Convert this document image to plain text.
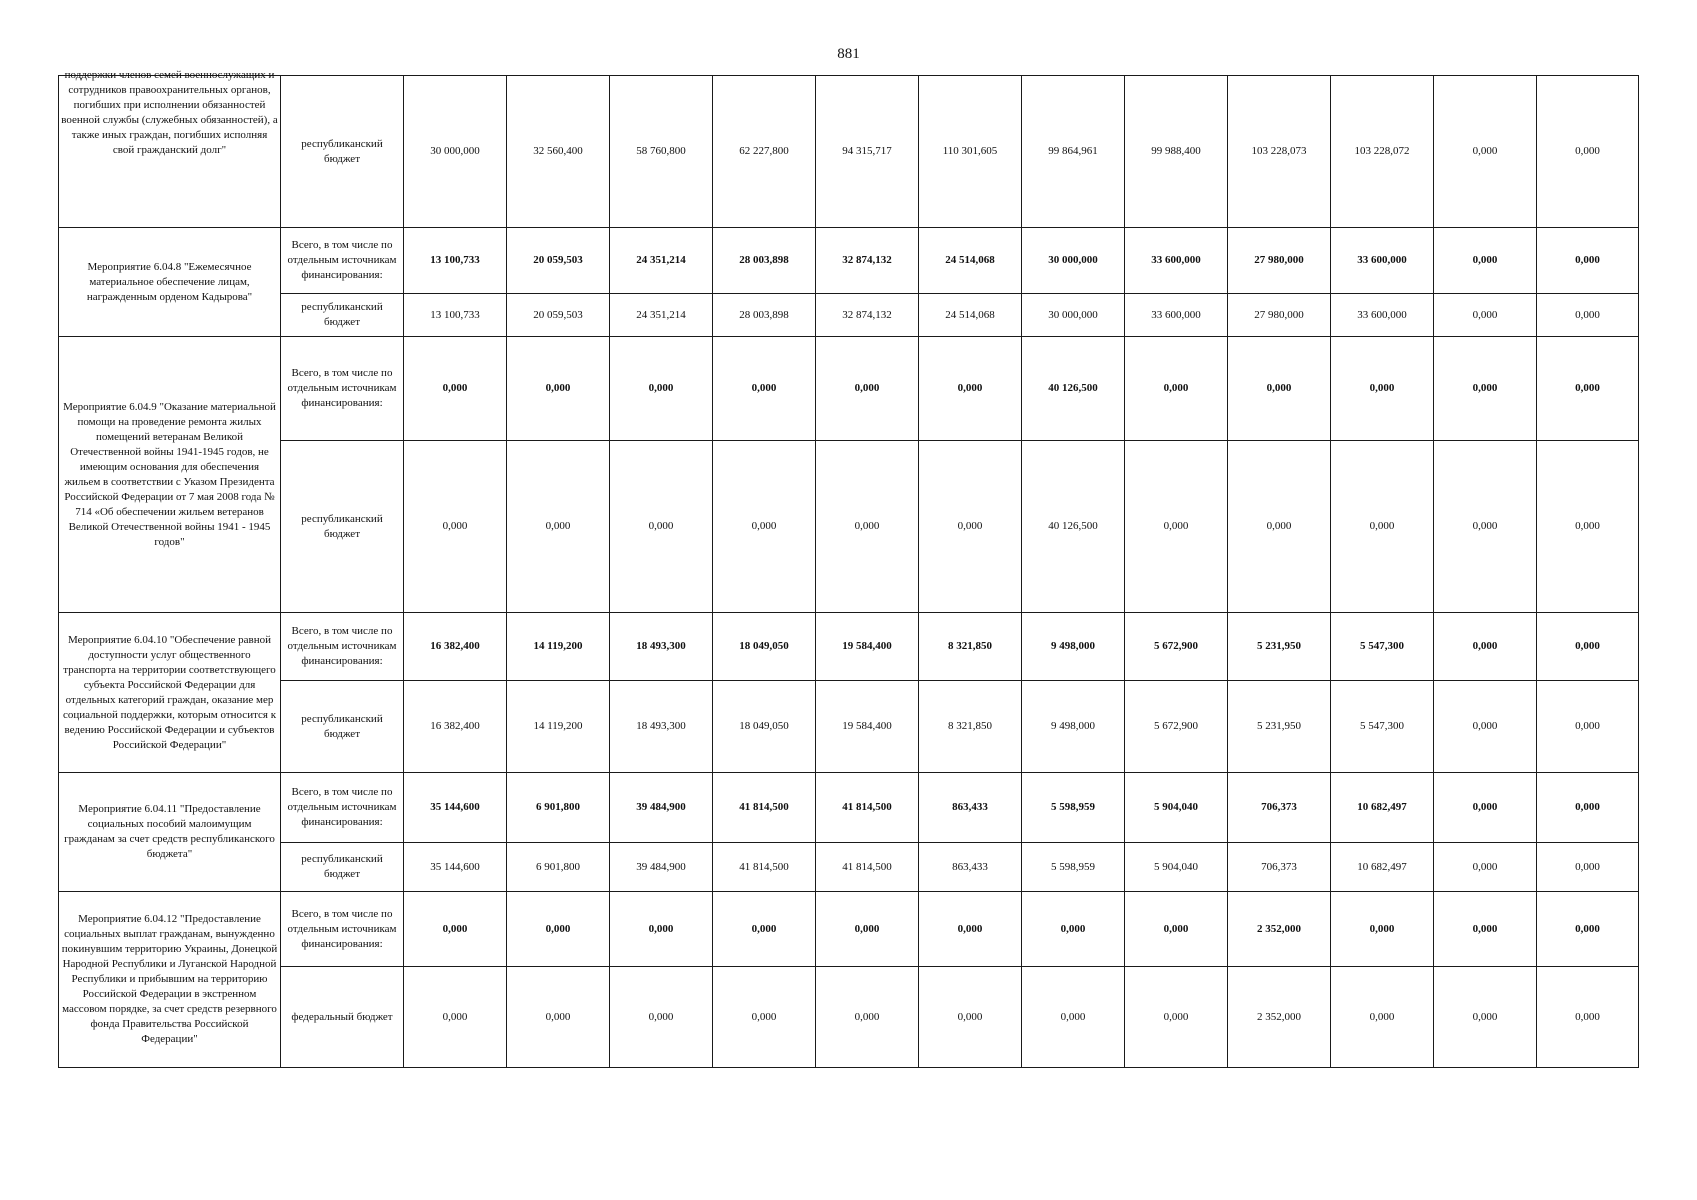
881
поддержки членов семей военнослужащих и сотрудников правоохранительных органов, погибших при исполнении обязанностей военной службы (служебных обязанностей), а также иных граждан, погибших исполняя свой гражданский долг"	республиканский бюджет	30 000,000	32 560,400	58 760,800	62 227,800	94 315,717	110 301,605	99 864,961	99 988,400	103 228,073	103 228,072	0,000	0,000
Мероприятие 6.04.8 "Ежемесячное материальное обеспечение лицам, награжденным орденом Кадырова"	Всего, в том числе по отдельным источникам финансирования:	13 100,733	20 059,503	24 351,214	28 003,898	32 874,132	24 514,068	30 000,000	33 600,000	27 980,000	33 600,000	0,000	0,000
	республиканский бюджет	13 100,733	20 059,503	24 351,214	28 003,898	32 874,132	24 514,068	30 000,000	33 600,000	27 980,000	33 600,000	0,000	0,000
Мероприятие 6.04.9 "Оказание материальной помощи на проведение ремонта жилых помещений ветеранам Великой Отечественной войны 1941-1945 годов, не имеющим основания для обеспечения жильем в соответствии с Указом Президента Российской Федерации от 7 мая 2008 года № 714 «Об обеспечении жильем ветеранов Великой Отечественной войны 1941 - 1945 годов"	Всего, в том числе по отдельным источникам финансирования:	0,000	0,000	0,000	0,000	0,000	0,000	40 126,500	0,000	0,000	0,000	0,000	0,000
	республиканский бюджет	0,000	0,000	0,000	0,000	0,000	0,000	40 126,500	0,000	0,000	0,000	0,000	0,000
Мероприятие 6.04.10 "Обеспечение равной доступности услуг общественного транспорта на территории соответствующего субъекта Российской Федерации для отдельных категорий граждан, оказание мер социальной поддержки, которым относится к ведению Российской Федерации и субъектов Российской Федерации"	Всего, в том числе по отдельным источникам финансирования:	16 382,400	14 119,200	18 493,300	18 049,050	19 584,400	8 321,850	9 498,000	5 672,900	5 231,950	5 547,300	0,000	0,000
	республиканский бюджет	16 382,400	14 119,200	18 493,300	18 049,050	19 584,400	8 321,850	9 498,000	5 672,900	5 231,950	5 547,300	0,000	0,000
Мероприятие 6.04.11 "Предоставление социальных пособий малоимущим гражданам за счет средств республиканского бюджета"	Всего, в том числе по отдельным источникам финансирования:	35 144,600	6 901,800	39 484,900	41 814,500	41 814,500	863,433	5 598,959	5 904,040	706,373	10 682,497	0,000	0,000
	республиканский бюджет	35 144,600	6 901,800	39 484,900	41 814,500	41 814,500	863,433	5 598,959	5 904,040	706,373	10 682,497	0,000	0,000
Мероприятие 6.04.12 "Предоставление социальных выплат гражданам, вынужденно покинувшим территорию Украины, Донецкой Народной Республики и Луганской Народной Республики и прибывшим на территорию Российской Федерации в экстренном массовом порядке, за счет средств резервного фонда Правительства Российской Федерации"	Всего, в том числе по отдельным источникам финансирования:	0,000	0,000	0,000	0,000	0,000	0,000	0,000	0,000	2 352,000	0,000	0,000	0,000
	федеральный бюджет	0,000	0,000	0,000	0,000	0,000	0,000	0,000	0,000	2 352,000	0,000	0,000	0,000
